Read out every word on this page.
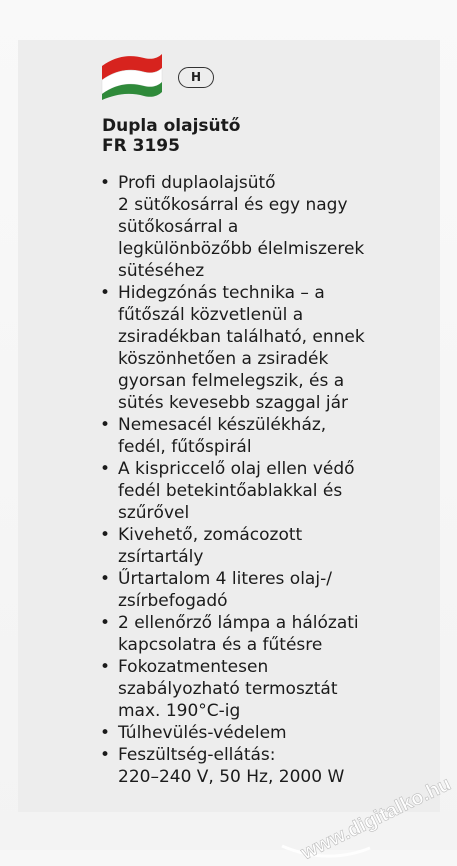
H
Dupla olajsütő
FR 3195
• Profi duplaolajsütő
2 sütőkosárral és egy nagy
sütőkosárral a
legkülönbözőbb élelmiszerek
sütéséhez
• Hidegzónás technika – a
fűtőszál közvetlenül a
zsiradékban található, ennek
köszönhetően a zsiradék
gyorsan felmelegszik, és a
sütés kevesebb szaggal jár
• Nemesacél készülékház,
fedél, fűtőspirál
• A kispriccelő olaj ellen védő
fedél betekintőablakkal és
szűrővel
• Kivehető, zomácozott
zsírtartály
• Űrtartalom 4 literes olaj-/
zsírbefogadó
• 2 ellenőrző lámpa a hálózati
kapcsolatra és a fűtésre
• Fokozatmentesen
szabályozható termosztát
max. 190°C-ig
• Túlhevülés-védelem
• Feszültség-ellátás:
220–240 V, 50 Hz, 2000 W
www.digitalko.hu
